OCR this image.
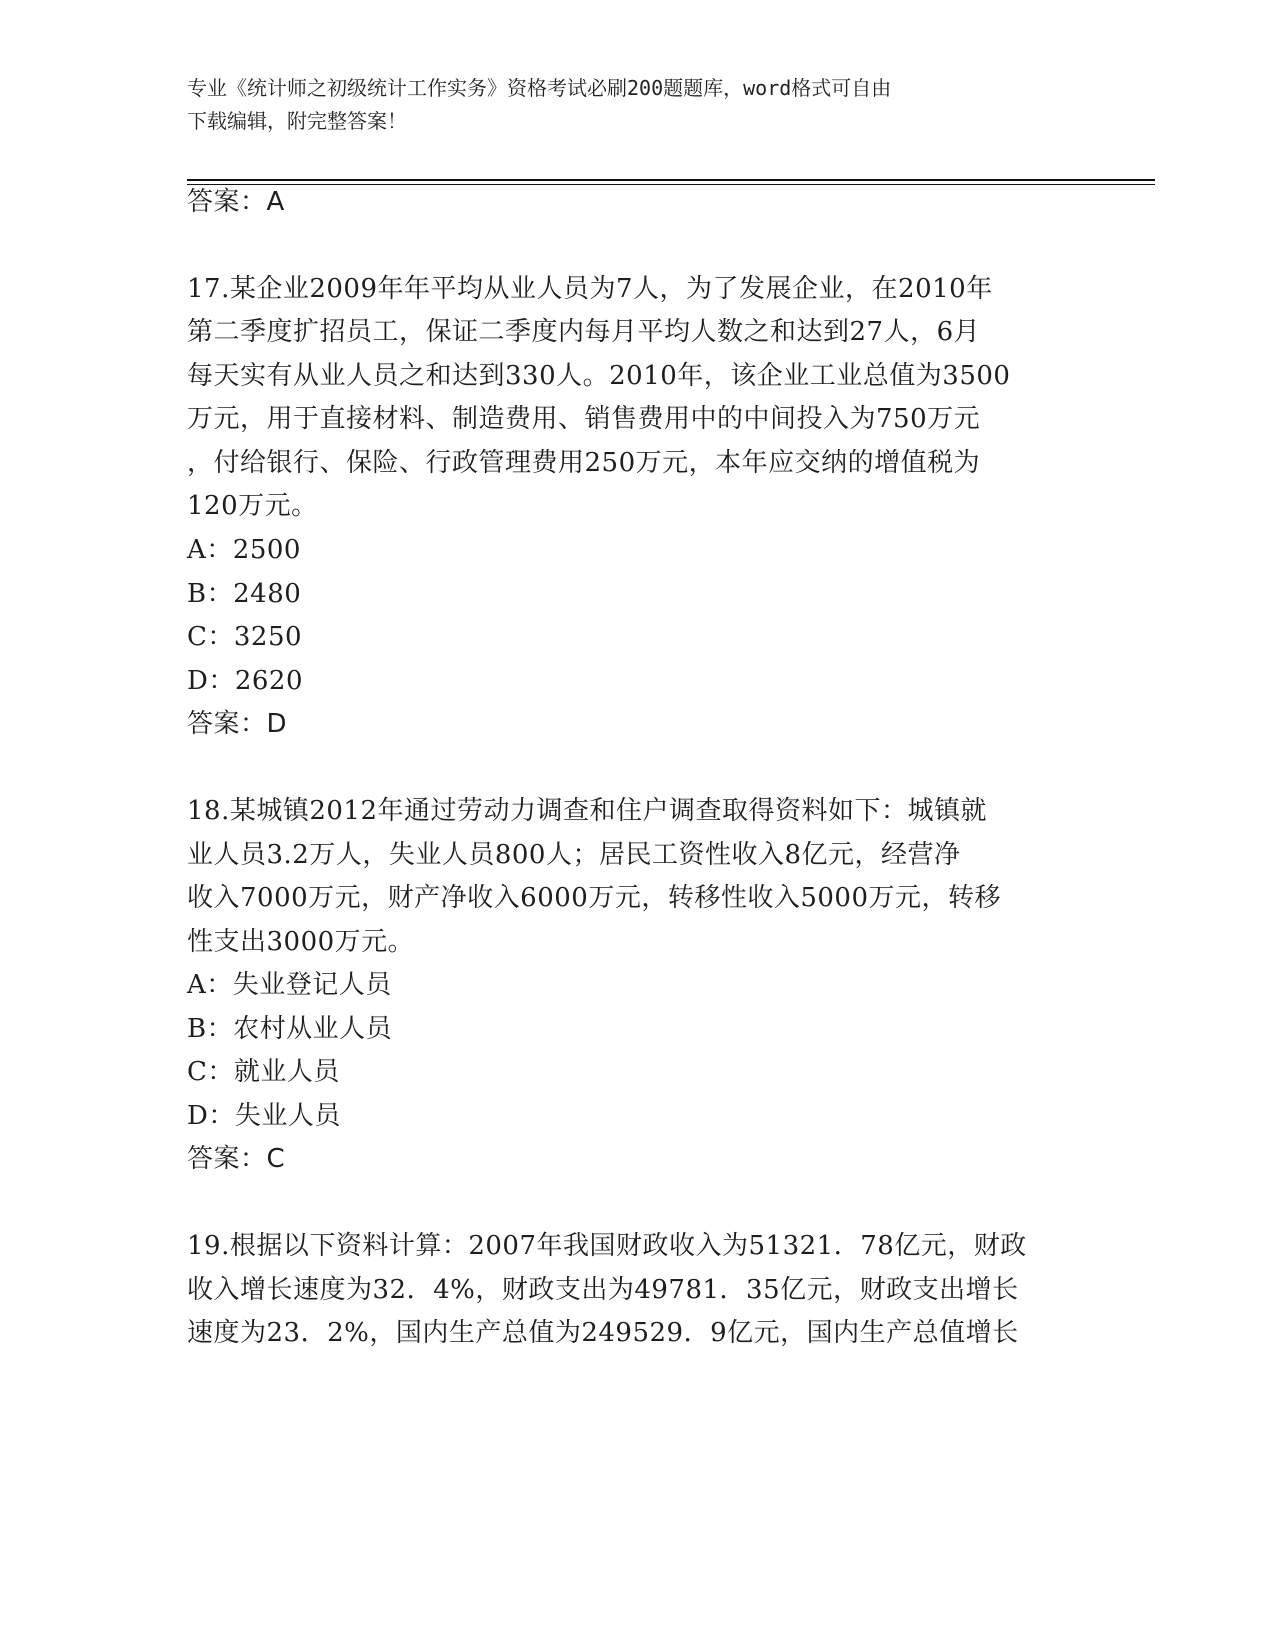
专业《统计师之初级统计工作实务》资格考试必刷200题题库，word格式可自由
下载编辑，附完整答案！
答案：A
17.某企业2009年年平均从业人员为7人，为了发展企业，在2010年
第二季度扩招员工，保证二季度内每月平均人数之和达到27人，6月
每天实有从业人员之和达到330人。2010年，该企业工业总值为3500
万元，用于直接材料、制造费用、销售费用中的中间投入为750万元
，付给银行、保险、行政管理费用250万元，本年应交纳的增值税为
120万元。
A：2500
B：2480
C：3250
D：2620
答案：D
18.某城镇2012年通过劳动力调查和住户调查取得资料如下：城镇就
业人员3.2万人，失业人员800人；居民工资性收入8亿元，经营净
收入7000万元，财产净收入6000万元，转移性收入5000万元，转移
性支出3000万元。
A：失业登记人员
B：农村从业人员
C：就业人员
D：失业人员
答案：C
19.根据以下资料计算：2007年我国财政收入为51321．78亿元，财政
收入增长速度为32．4%，财政支出为49781．35亿元，财政支出增长
速度为23．2%，国内生产总值为249529．9亿元，国内生产总值增长
